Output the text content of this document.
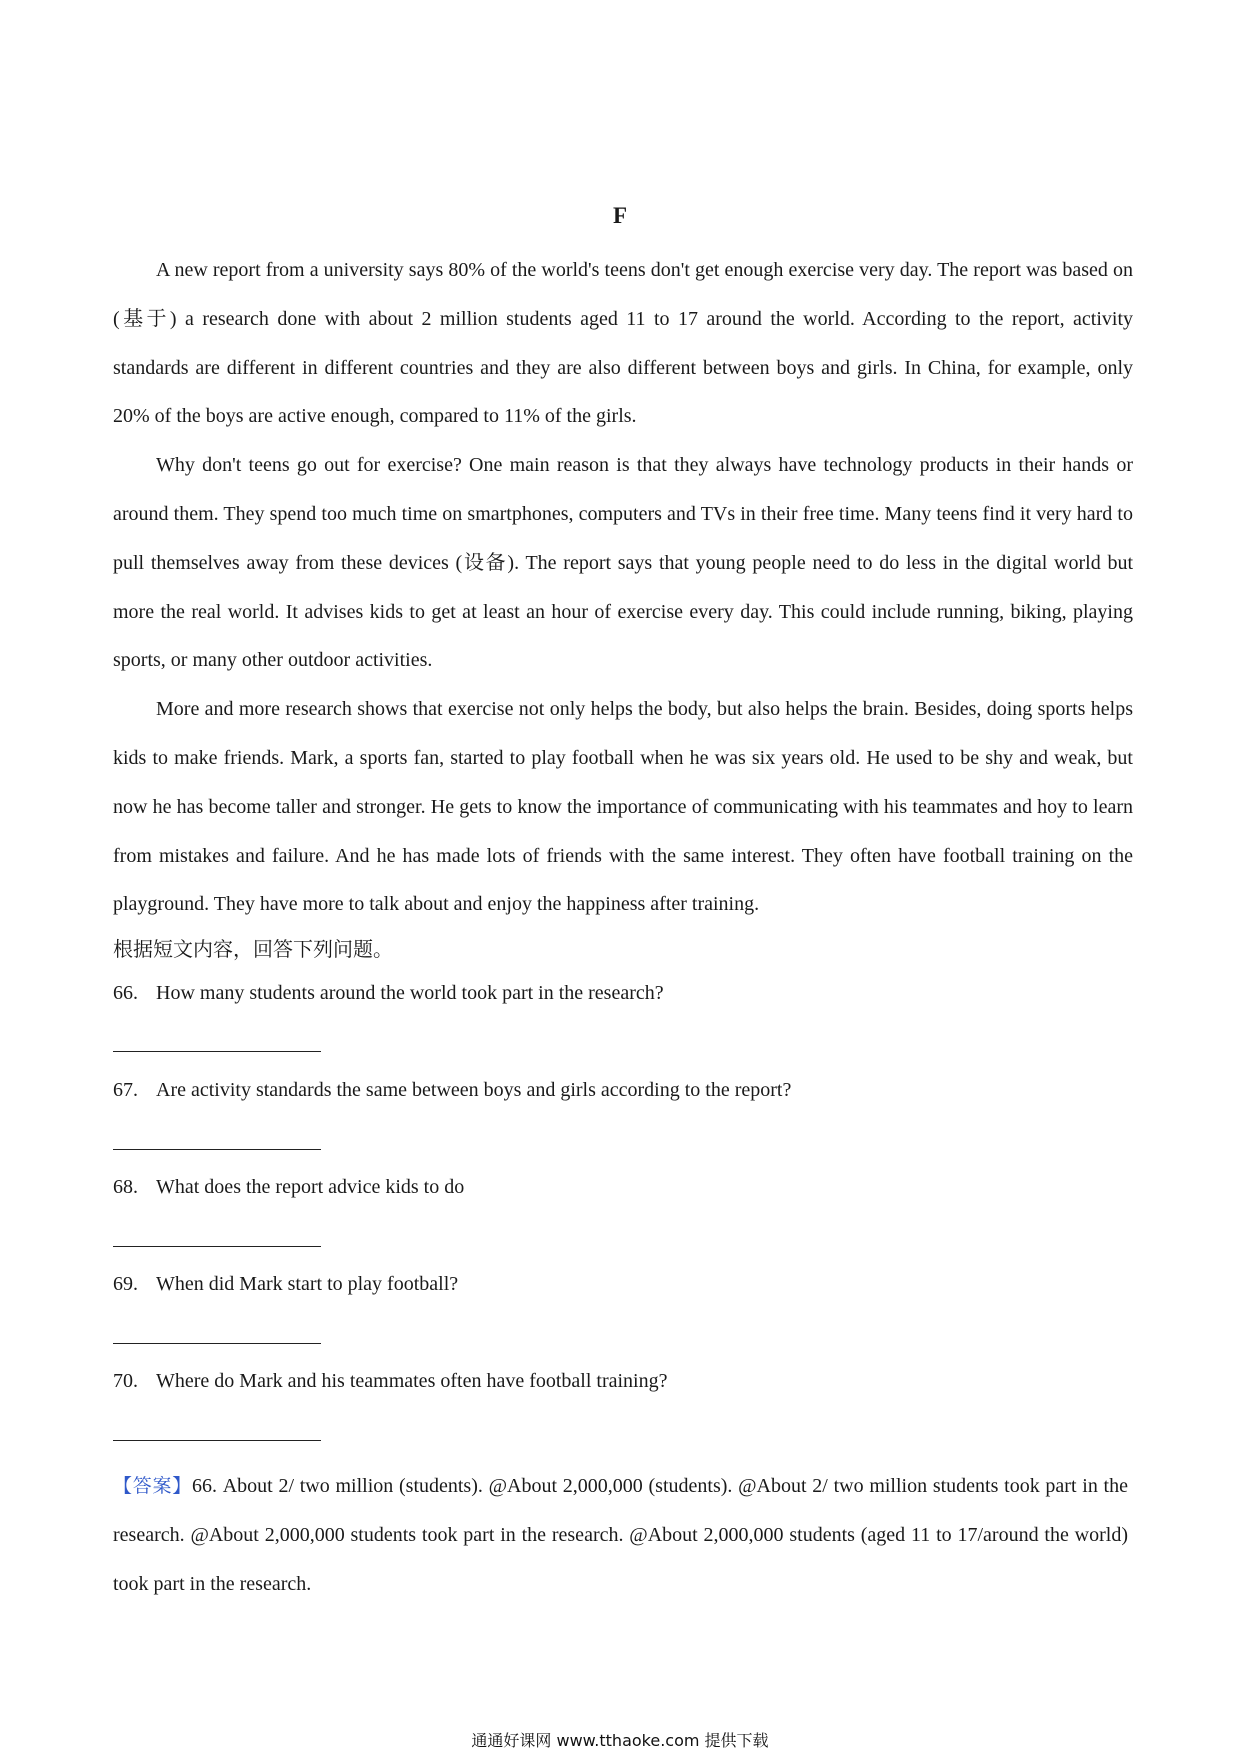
F

A new report from a university says 80% of the world's teens don't get enough exercise very day. The report was based on (基于) a research done with about 2 million students aged 11 to 17 around the world. According to the report, activity standards are different in different countries and they are also different between boys and girls. In China, for example, only 20% of the boys are active enough, compared to 11% of the girls.

Why don't teens go out for exercise? One main reason is that they always have technology products in their hands or around them. They spend too much time on smartphones, computers and TVs in their free time. Many teens find it very hard to pull themselves away from these devices (设备). The report says that young people need to do less in the digital world but more the real world. It advises kids to get at least an hour of exercise every day. This could include running, biking, playing sports, or many other outdoor activities.

More and more research shows that exercise not only helps the body, but also helps the brain. Besides, doing sports helps kids to make friends. Mark, a sports fan, started to play football when he was six years old. He used to be shy and weak, but now he has become taller and stronger. He gets to know the importance of communicating with his teammates and hoy to learn from mistakes and failure. And he has made lots of friends with the same interest. They often have football training on the playground. They have more to talk about and enjoy the happiness after training.

根据短文内容，回答下列问题。
66. How many students around the world took part in the research?
67. Are activity standards the same between boys and girls according to the report?
68. What does the report advice kids to do
69. When did Mark start to play football?
70. Where do Mark and his teammates often have football training?
【答案】66. About 2/ two million (students). @About 2,000,000 (students). @About 2/ two million students took part in the research. @About 2,000,000 students took part in the research. @About 2,000,000 students (aged 11 to 17/around the world) took part in the research.
通通好课网 www.tthaoke.com 提供下载
